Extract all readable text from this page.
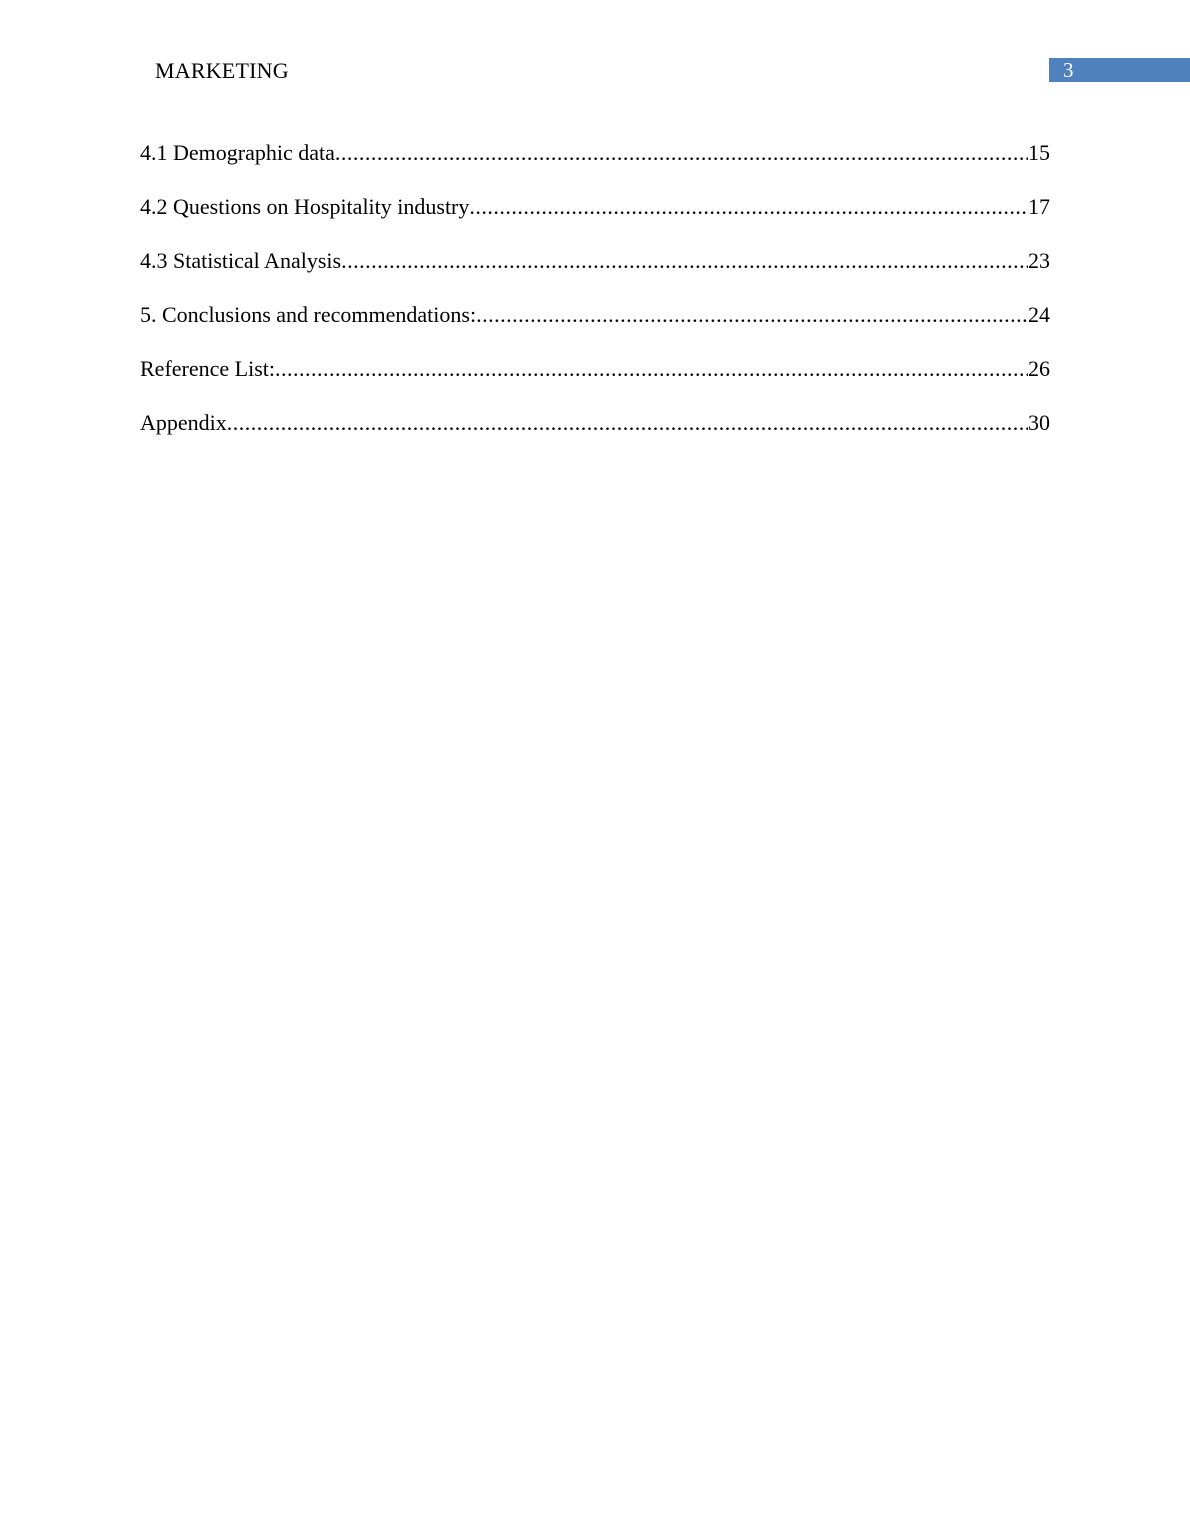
MARKETING	3
4.1 Demographic data .....	15
4.2 Questions on Hospitality industry .....	17
4.3 Statistical Analysis .....	23
5. Conclusions and recommendations: .....	24
Reference List: .....	26
Appendix .....	30
